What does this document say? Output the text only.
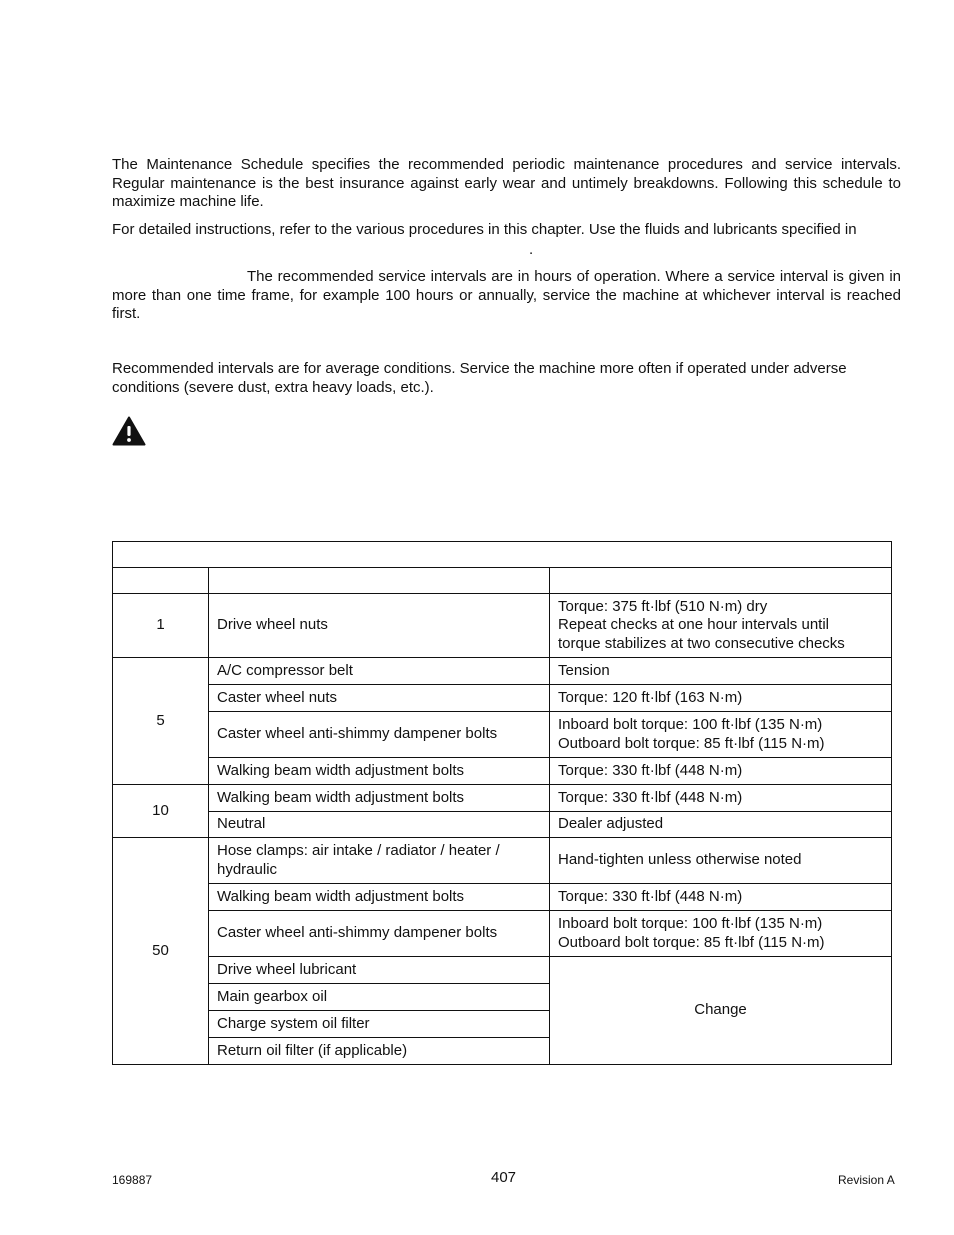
The Maintenance Schedule specifies the recommended periodic maintenance procedures and service intervals. Regular maintenance is the best insurance against early wear and untimely breakdowns. Following this schedule to maximize machine life.

For detailed instructions, refer to the various procedures in this chapter. Use the fluids and lubricants specified in

.

The recommended service intervals are in hours of operation. Where a service interval is given in more than one time frame, for example 100 hours or annually, service the machine at whichever interval is reached first.

Recommended intervals are for average conditions. Service the machine more often if operated under adverse conditions (severe dust, extra heavy loads, etc.).

1	Drive wheel nuts	Torque: 375 ft·lbf (510 N·m) dry
Repeat checks at one hour intervals until
torque stabilizes at two consecutive checks

5	A/C compressor belt	Tension
	Caster wheel nuts	Torque: 120 ft·lbf (163 N·m)
	Caster wheel anti-shimmy dampener bolts	Inboard bolt torque: 100 ft·lbf (135 N·m)
Outboard bolt torque: 85 ft·lbf (115 N·m)

	Walking beam width adjustment bolts	Torque: 330 ft·lbf (448 N·m)
10	Walking beam width adjustment bolts	Torque: 330 ft·lbf (448 N·m)
	Neutral	Dealer adjusted
50	Hose clamps: air intake / radiator / heater /
hydraulic	Hand-tighten unless otherwise noted
	Walking beam width adjustment bolts	Torque: 330 ft·lbf (448 N·m)
	Caster wheel anti-shimmy dampener bolts	Inboard bolt torque: 100 ft·lbf (135 N·m)
Outboard bolt torque: 85 ft·lbf (115 N·m)

	Drive wheel lubricant	Change
	Main gearbox oil	
	Charge system oil filter	
	Return oil filter (if applicable)	
169887	407	Revision A
